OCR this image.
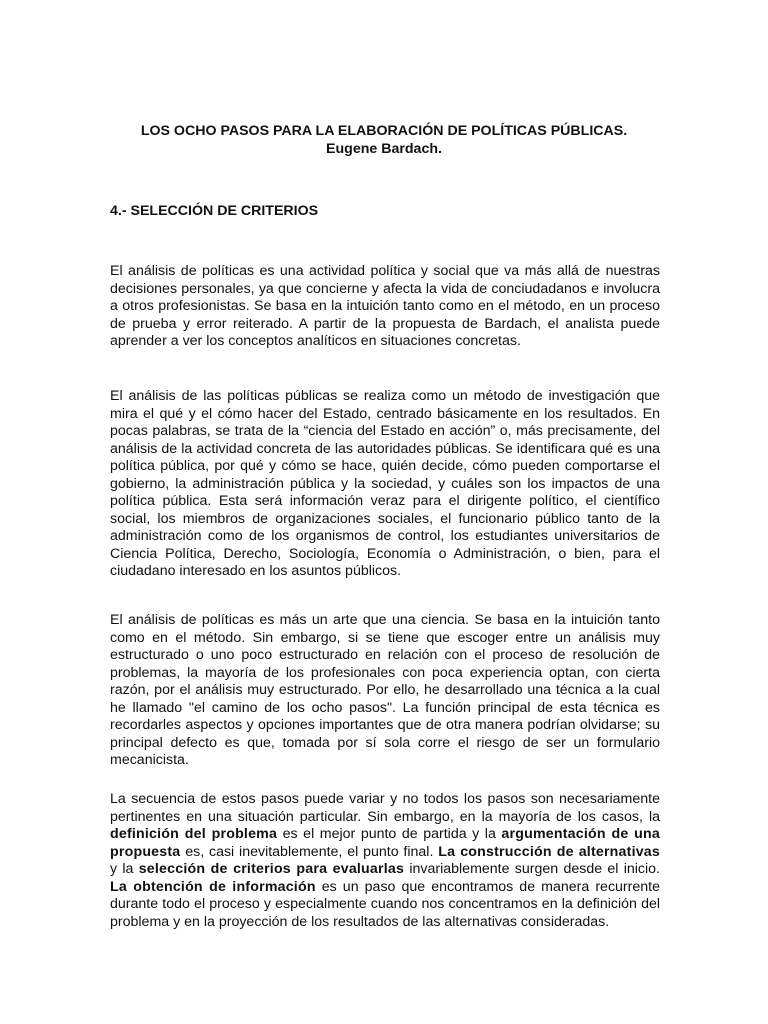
LOS OCHO PASOS PARA LA ELABORACIÓN DE POLÍTICAS PÚBLICAS.
Eugene Bardach.
4.- SELECCIÓN DE CRITERIOS

El análisis de políticas es una actividad política y social que va más allá de nuestras decisiones personales, ya que concierne y afecta la vida de conciudadanos e involucra a otros profesionistas. Se basa en la intuición tanto como en el método, en un proceso de prueba y error reiterado. A partir de la propuesta de Bardach, el analista puede aprender a ver los conceptos analíticos en situaciones concretas.

El análisis de las políticas públicas se realiza como un método de investigación que mira el qué y el cómo hacer del Estado, centrado básicamente en los resultados. En pocas palabras, se trata de la “ciencia del Estado en acción” o, más precisamente, del análisis de la actividad concreta de las autoridades públicas. Se identificara qué es una política pública, por qué y cómo se hace, quién decide, cómo pueden comportarse el gobierno, la administración pública y la sociedad, y cuáles son los impactos de una política pública. Esta será información veraz para el dirigente político, el científico social, los miembros de organizaciones sociales, el funcionario público tanto de la administración como de los organismos de control, los estudiantes universitarios de Ciencia Política, Derecho, Sociología, Economía o Administración, o bien, para el ciudadano interesado en los asuntos públicos.

El análisis de políticas es más un arte que una ciencia. Se basa en la intuición tanto como en el método. Sin embargo, si se tiene que escoger entre un análisis muy estructurado o uno poco estructurado en relación con el proceso de resolución de problemas, la mayoría de los profesionales con poca experiencia optan, con cierta razón, por el análisis muy estructurado. Por ello, he desarrollado una técnica a la cual he llamado "el camino de los ocho pasos". La función principal de esta técnica es recordarles aspectos y opciones importantes que de otra manera podrían olvidarse; su principal defecto es que, tomada por sí sola corre el riesgo de ser un formulario mecanicista.

La secuencia de estos pasos puede variar y no todos los pasos son necesariamente pertinentes en una situación particular. Sin embargo, en la mayoría de los casos, la definición del problema es el mejor punto de partida y la argumentación de una propuesta es, casi inevitablemente, el punto final. La construcción de alternativas y la selección de criterios para evaluarlas invariablemente surgen desde el inicio. La obtención de información es un paso que encontramos de manera recurrente durante todo el proceso y especialmente cuando nos concentramos en la definición del problema y en la proyección de los resultados de las alternativas consideradas.
